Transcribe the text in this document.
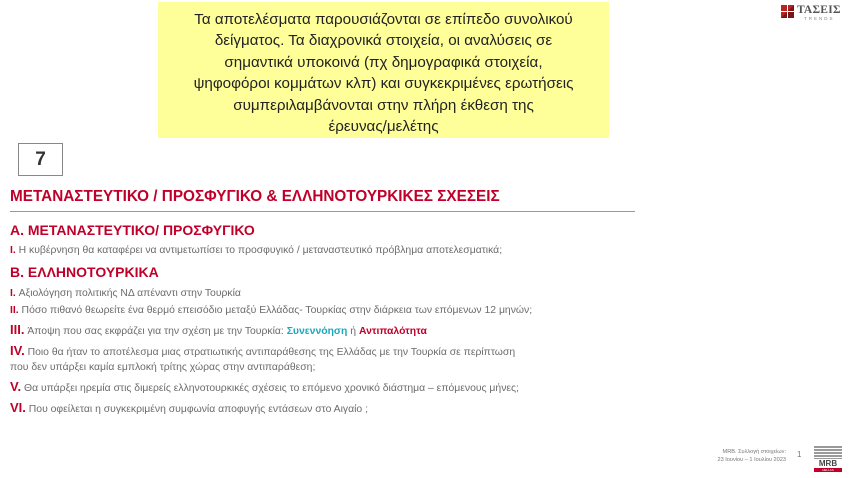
Τα αποτελέσματα παρουσιάζονται σε επίπεδο συνολικού
δείγματος. Τα διαχρονικά στοιχεία, οι αναλύσεις σε
σημαντικά υποκοινά (πχ δημογραφικά στοιχεία,
ψηφοφόροι κομμάτων κλπ) και συγκεκριμένες ερωτήσεις
συμπεριλαμβάνονται στην πλήρη έκθεση της
έρευνας/μελέτης
ΤΑΣΕΙΣ
TRENDS
7
ΜΕΤΑΝΑΣΤΕΥΤΙΚΟ / ΠΡΟΣΦΥΓΙΚΟ & ΕΛΛΗΝΟΤΟΥΡΚΙΚΕΣ ΣΧΕΣΕΙΣ
Α. ΜΕΤΑΝΑΣΤΕΥΤΙΚΟ/ ΠΡΟΣΦΥΓΙΚΟ
I. Η κυβέρνηση θα καταφέρει να αντιμετωπίσει το προσφυγικό / μεταναστευτικό πρόβλημα αποτελεσματικά;
Β. ΕΛΛΗΝΟΤΟΥΡΚΙΚΑ
I. Αξιολόγηση πολιτικής ΝΔ απέναντι στην Τουρκία
II. Πόσο πιθανό θεωρείτε ένα θερμό επεισόδιο μεταξύ Ελλάδας- Τουρκίας στην διάρκεια των επόμενων 12 μηνών;
III. Άποψη που σας εκφράζει για την σχέση με την Τουρκία: Συνεννόηση ή Αντιπαλότητα
IV. Ποιο θα ήταν το αποτέλεσμα μιας στρατιωτικής αντιπαράθεσης της Ελλάδας με την Τουρκία σε περίπτωση
που δεν υπάρξει καμία εμπλοκή τρίτης χώρας στην αντιπαράθεση;
V. Θα υπάρξει ηρεμία στις διμερείς ελληνοτουρκικές σχέσεις το επόμενο χρονικό διάστημα – επόμενους μήνες;
VI. Που οφείλεται η συγκεκριμένη συμφωνία αποφυγής εντάσεων στο Αιγαίο ;
MRB. Συλλογή στοιχείων:
23 Ιουνίου – 1 Ιουλίου 2023
1
MRB
HELLAS
